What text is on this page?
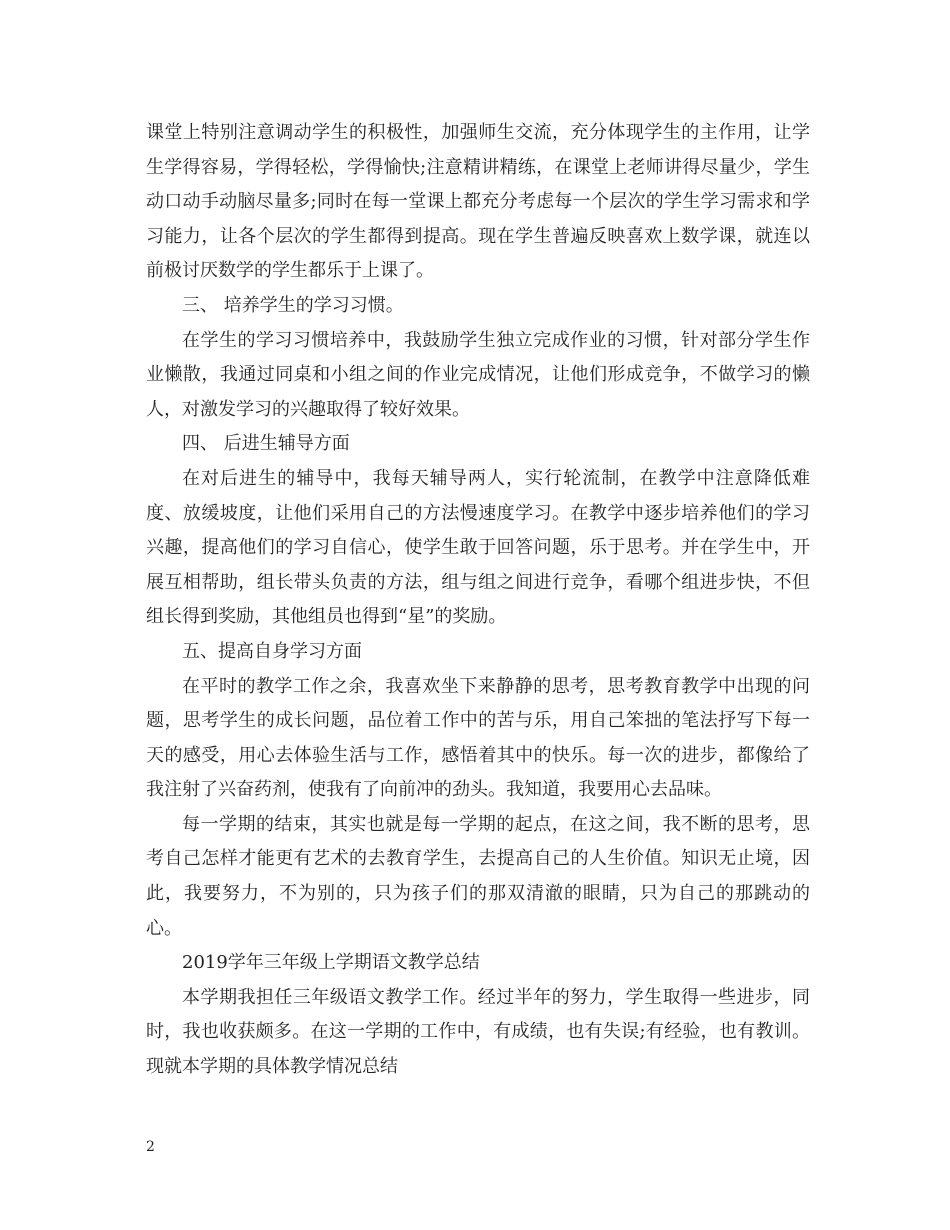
课堂上特别注意调动学生的积极性，加强师生交流，充分体现学生的主作用，让学生学得容易，学得轻松，学得愉快;注意精讲精练，在课堂上老师讲得尽量少，学生动口动手动脑尽量多;同时在每一堂课上都充分考虑每一个层次的学生学习需求和学习能力，让各个层次的学生都得到提高。现在学生普遍反映喜欢上数学课，就连以前极讨厌数学的学生都乐于上课了。

三、 培养学生的学习习惯。

在学生的学习习惯培养中，我鼓励学生独立完成作业的习惯，针对部分学生作业懒散，我通过同桌和小组之间的作业完成情况，让他们形成竞争，不做学习的懒人，对激发学习的兴趣取得了较好效果。

四、 后进生辅导方面

在对后进生的辅导中，我每天辅导两人，实行轮流制，在教学中注意降低难度、放缓坡度，让他们采用自己的方法慢速度学习。在教学中逐步培养他们的学习兴趣，提高他们的学习自信心，使学生敢于回答问题，乐于思考。并在学生中，开展互相帮助，组长带头负责的方法，组与组之间进行竞争，看哪个组进步快，不但组长得到奖励，其他组员也得到“星”的奖励。

五、提高自身学习方面

在平时的教学工作之余，我喜欢坐下来静静的思考，思考教育教学中出现的问题，思考学生的成长问题，品位着工作中的苦与乐，用自己笨拙的笔法抒写下每一天的感受，用心去体验生活与工作，感悟着其中的快乐。每一次的进步，都像给了我注射了兴奋药剂，使我有了向前冲的劲头。我知道，我要用心去品味。

每一学期的结束，其实也就是每一学期的起点，在这之间，我不断的思考，思考自己怎样才能更有艺术的去教育学生，去提高自己的人生价值。知识无止境，因此，我要努力，不为别的，只为孩子们的那双清澈的眼睛，只为自己的那跳动的心。

2019学年三年级上学期语文教学总结

本学期我担任三年级语文教学工作。经过半年的努力，学生取得一些进步，同时，我也收获颇多。在这一学期的工作中，有成绩，也有失误;有经验，也有教训。现就本学期的具体教学情况总结

2
